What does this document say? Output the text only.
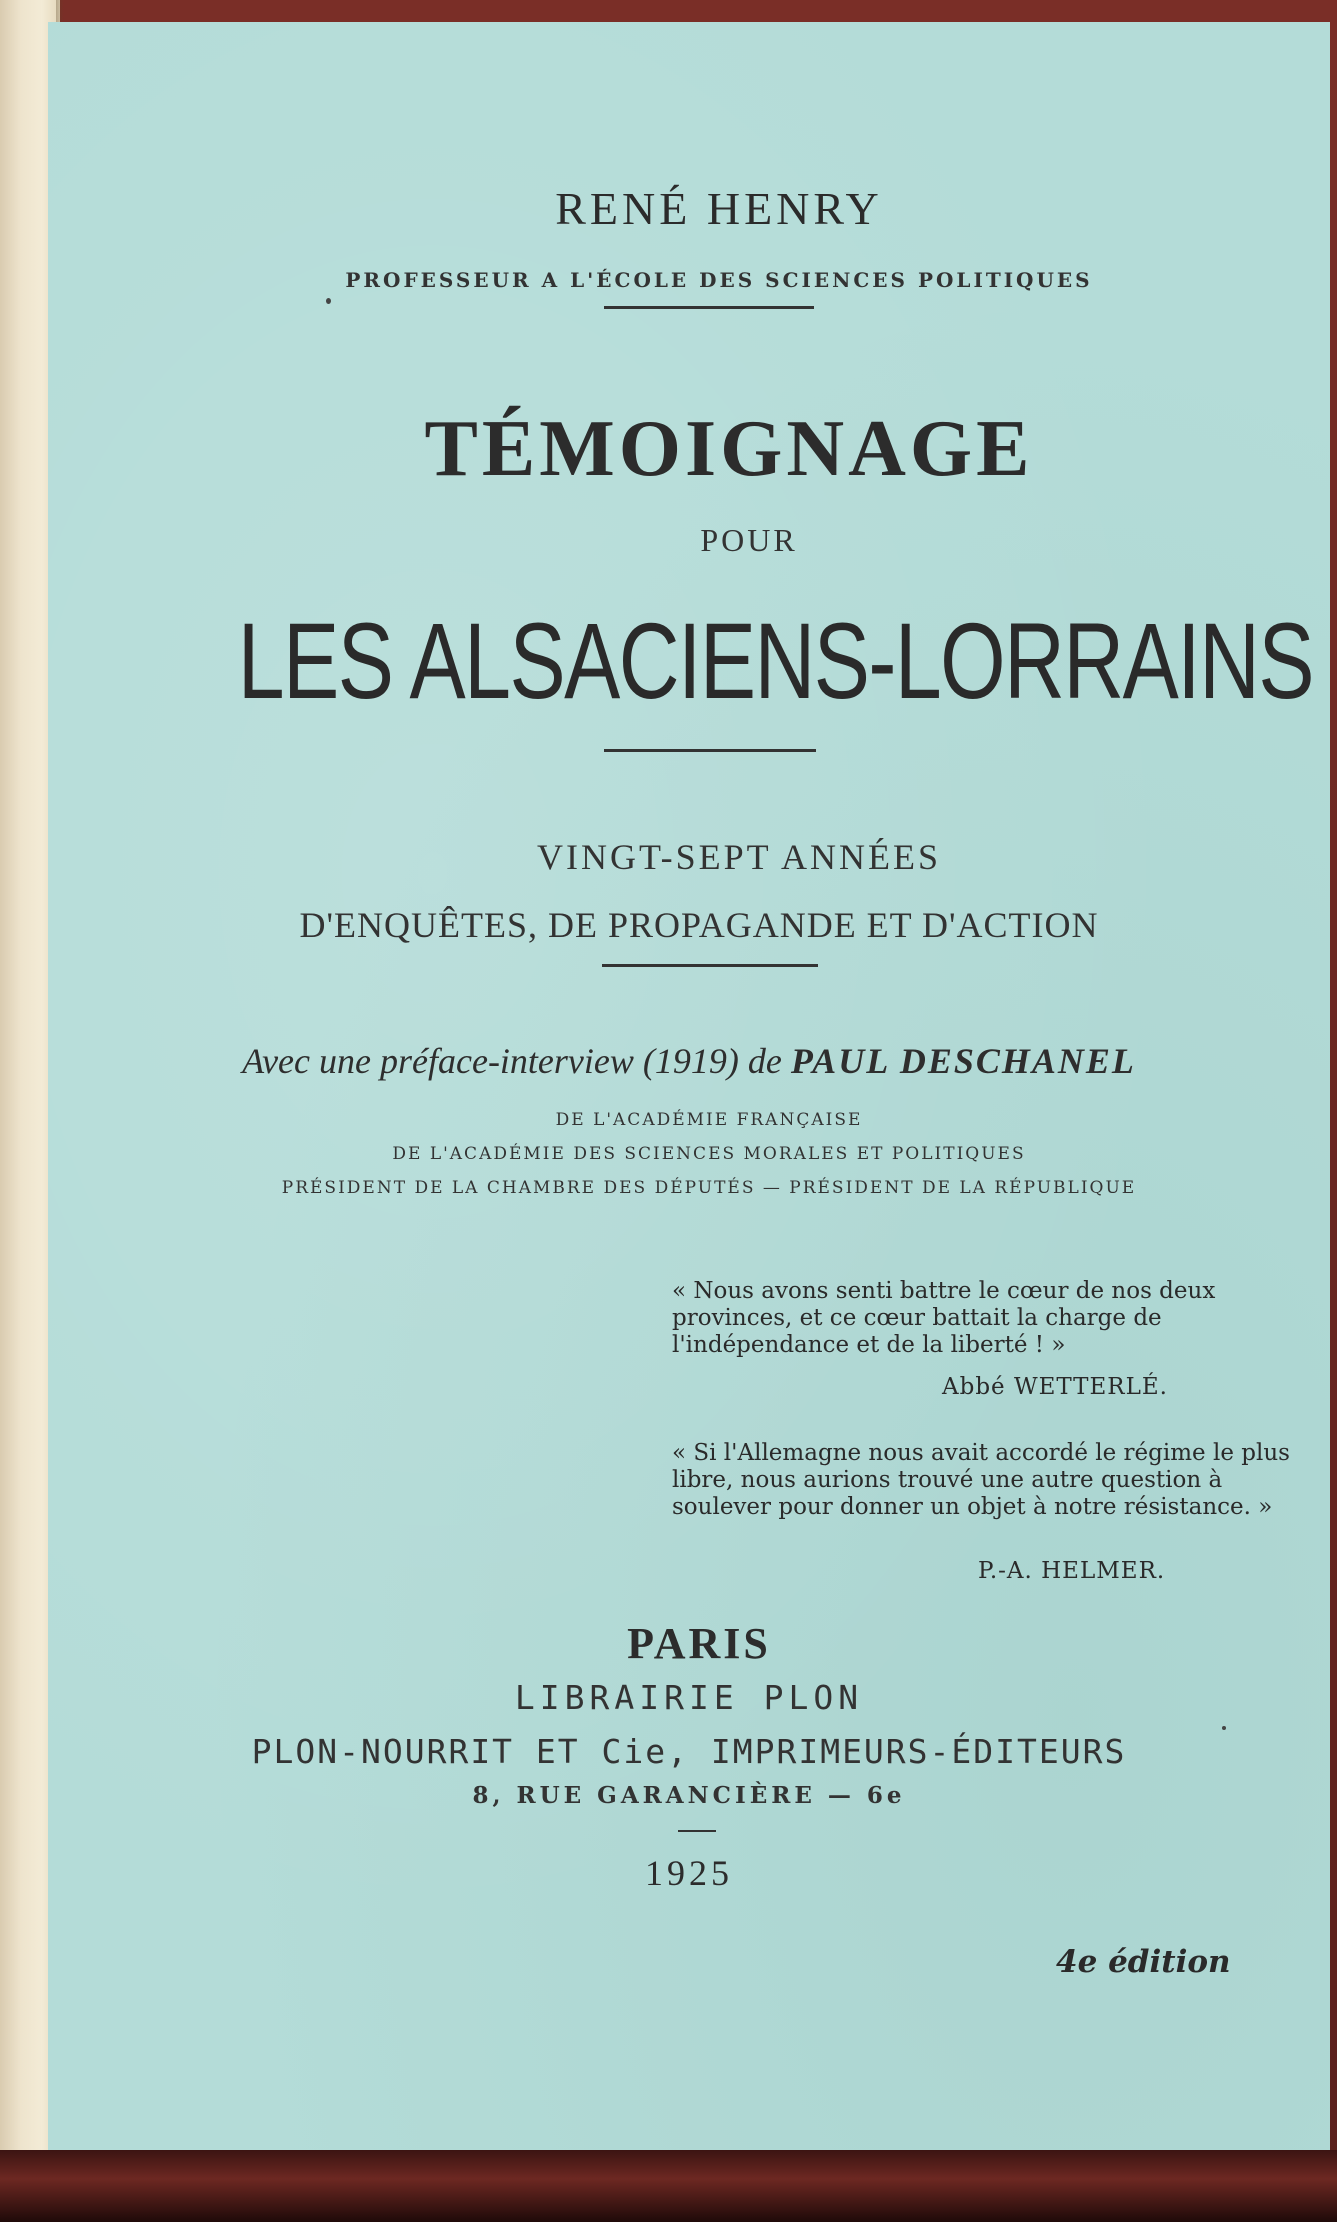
RENÉ HENRY
PROFESSEUR A L'ÉCOLE DES SCIENCES POLITIQUES
TÉMOIGNAGE
POUR
LES ALSACIENS-LORRAINS
VINGT-SEPT ANNÉES
D'ENQUÊTES, DE PROPAGANDE ET D'ACTION
Avec une préface-interview (1919) de PAUL DESCHANEL
DE L'ACADÉMIE FRANÇAISE
DE L'ACADÉMIE DES SCIENCES MORALES ET POLITIQUES
PRÉSIDENT DE LA CHAMBRE DES DÉPUTÉS — PRÉSIDENT DE LA RÉPUBLIQUE
« Nous avons senti battre le cœur de nos deux provinces, et ce cœur battait la charge de l'indépendance et de la liberté ! »
Abbé WETTERLÉ.
« Si l'Allemagne nous avait accordé le régime le plus libre, nous aurions trouvé une autre question à soulever pour donner un objet à notre résistance. »
P.-A. HELMER.
PARIS
LIBRAIRIE PLON
PLON-NOURRIT ET Cie, IMPRIMEURS-ÉDITEURS
8, RUE GARANCIÈRE — 6e
1925
4e édition
